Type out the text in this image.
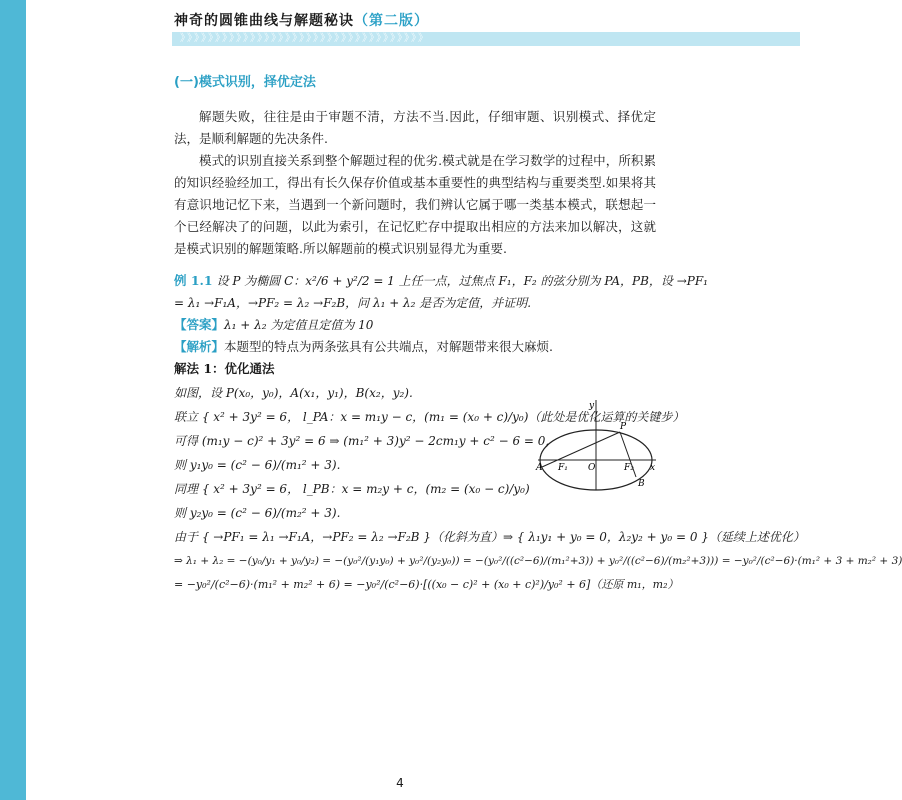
神奇的圆锥曲线与解题秘诀（第二版）
》》》》》》》》》》》》》》》》》》》》》》》》》》》》》》》》》》》
(一)模式识别，择优定法

解题失败，往往是由于审题不清，方法不当.因此，仔细审题、识别模式、择优定法，是顺利解题的先决条件.

模式的识别直接关系到整个解题过程的优劣.模式就是在学习数学的过程中，所积累的知识经验经加工，得出有长久保存价值或基本重要性的典型结构与重要类型.如果将其有意识地记忆下来，当遇到一个新问题时，我们辨认它属于哪一类基本模式，联想起一个已经解决了的问题，以此为索引，在记忆贮存中提取出相应的方法来加以解决，这就是模式识别的解题策略.所以解题前的模式识别显得尤为重要.

例 1.1 设 P 为椭圆 C：x²/6 + y²/2 = 1 上任一点，过焦点 F₁，F₂ 的弦分别为 PA，PB，设 →PF₁
= λ₁ →F₁A，→PF₂ = λ₂ →F₂B，问 λ₁ + λ₂ 是否为定值，并证明.
【答案】λ₁ + λ₂ 为定值且定值为 10
【解析】本题型的特点为两条弦具有公共端点，对解题带来很大麻烦.
解法 1：优化通法
如图，设 P(x₀，y₀)，A(x₁，y₁)，B(x₂，y₂).
联立 { x² + 3y² = 6， l_PA：x = m₁y − c，(m₁ = (x₀ + c)/y₀)（此处是优化运算的关键步）
可得 (m₁y − c)² + 3y² = 6 ⇒ (m₁² + 3)y² − 2cm₁y + c² − 6 = 0，
则 y₁y₀ = (c² − 6)/(m₁² + 3).
同理 { x² + 3y² = 6， l_PB：x = m₂y + c，(m₂ = (x₀ − c)/y₀)
则 y₂y₀ = (c² − 6)/(m₂² + 3).
由于 { →PF₁ = λ₁ →F₁A，→PF₂ = λ₂ →F₂B }（化斜为直）⇒ { λ₁y₁ + y₀ = 0，λ₂y₂ + y₀ = 0 }（延续上述优化）
⇒ λ₁ + λ₂ = −(y₀/y₁ + y₀/y₂) = −(y₀²/(y₁y₀) + y₀²/(y₂y₀)) = −(y₀²/((c²−6)/(m₁²+3)) + y₀²/((c²−6)/(m₂²+3))) = −y₀²/(c²−6)·(m₁² + 3 + m₂² + 3)
= −y₀²/(c²−6)·(m₁² + m₂² + 6) = −y₀²/(c²−6)·[((x₀ − c)² + (x₀ + c)²)/y₀² + 6]（还原 m₁，m₂）
y
P
A F₁ O	F₂ x
B
4
